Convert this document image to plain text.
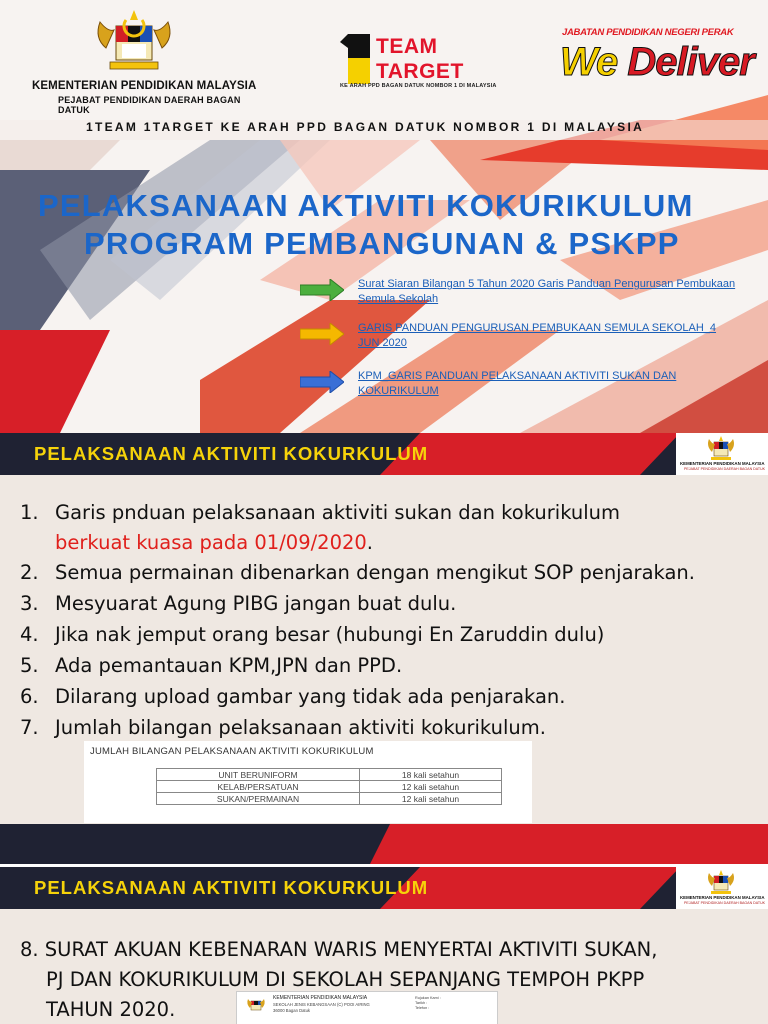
KEMENTERIAN PENDIDIKAN MALAYSIA
PEJABAT PENDIDIKAN DAERAH BAGAN DATUK
TEAM
TARGET
KE ARAH PPD BAGAN DATUK NOMBOR 1 DI MALAYSIA
JABATAN PENDIDIKAN NEGERI PERAK
We Deliver
1TEAM 1TARGET KE ARAH PPD BAGAN DATUK NOMBOR 1 DI MALAYSIA
PELAKSANAAN AKTIVITI KOKURIKULUM
PROGRAM PEMBANGUNAN & PSKPP
Surat Siaran Bilangan 5 Tahun 2020 Garis Panduan Pengurusan Pembukaan Semula Sekolah
GARIS PANDUAN PENGURUSAN PEMBUKAAN SEMULA SEKOLAH_4 JUN 2020
KPM_GARIS PANDUAN PELAKSANAAN AKTIVITI SUKAN DAN KOKURIKULUM
PELAKSANAAN AKTIVITI KOKURKULUM	KEMENTERIAN PENDIDIKAN MALAYSIA
PEJABAT PENDIDIKAN DAERAH BAGAN DATUK
1. Garis pnduan pelaksanaan aktiviti sukan dan kokurikulum
berkuat kuasa pada 01/09/2020.
2. Semua permainan dibenarkan dengan mengikut SOP penjarakan.
3. Mesyuarat Agung PIBG jangan buat dulu.
4. Jika nak jemput orang besar (hubungi En Zaruddin dulu)
5. Ada pemantauan KPM,JPN dan PPD.
6. Dilarang upload gambar yang tidak ada penjarakan.
7. Jumlah bilangan pelaksanaan aktiviti kokurikulum.
JUMLAH BILANGAN PELAKSANAAN AKTIVITI KOKURIKULUM
UNIT BERUNIFORM	18 kali setahun
KELAB/PERSATUAN	12 kali setahun
SUKAN/PERMAINAN	12 kali setahun
PELAKSANAAN AKTIVITI KOKURKULUM	KEMENTERIAN PENDIDIKAN MALAYSIA
PEJABAT PENDIDIKAN DAERAH BAGAN DATUK
8. SURAT AKUAN KEBENARAN WARIS MENYERTAI AKTIVITI SUKAN,
PJ DAN KOKURIKULUM DI SEKOLAH SEPANJANG TEMPOH PKPP
TAHUN 2020.	KEMENTERIAN PENDIDIKAN MALAYSIA
SEKOLAH JENIS KEBANGSAAN (C) POOI AIRING
36000 Bagan Datuk
Rujukan Kami :
Tarikh :
Telefon :
